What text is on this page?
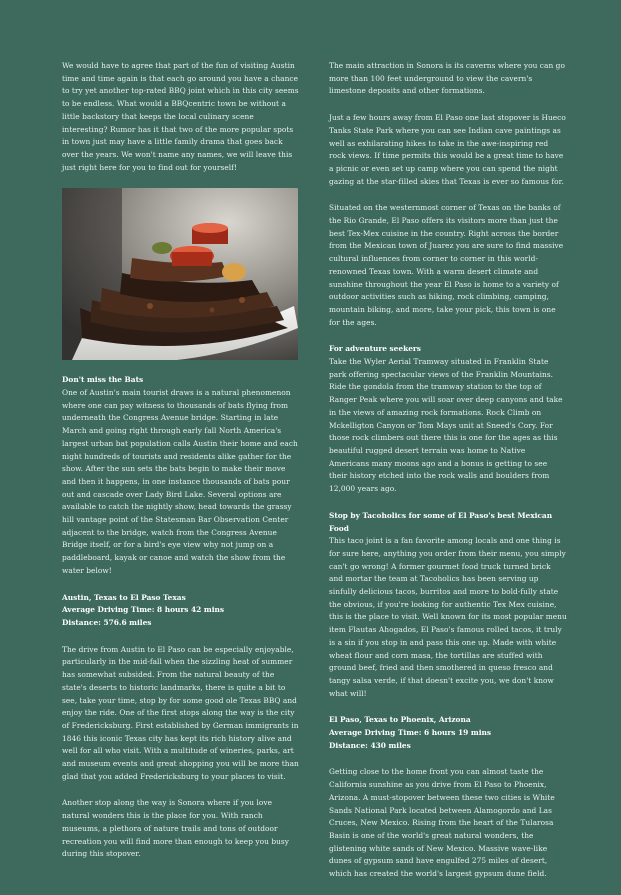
We would have to agree that part of the fun of visiting Austin time and time again is that each go around you have a chance to try yet another top-rated BBQ joint which in this city seems to be endless. What would a BBQcentric town be without a little backstory that keeps the local culinary scene interesting? Rumor has it that two of the more popular spots in town just may have a little family drama that goes back over the years. We won't name any names, we will leave this just right here for you to find out for yourself!

Don't miss the Bats

One of Austin's main tourist draws is a natural phenomenon where one can pay witness to thousands of bats flying from underneath the Congress Avenue bridge. Starting in late March and going right through early fall North America's largest urban bat population calls Austin their home and each night hundreds of tourists and residents alike gather for the show. After the sun sets the bats begin to make their move and then it happens, in one instance thousands of bats pour out and cascade over Lady Bird Lake. Several options are available to catch the nightly show, head towards the grassy hill vantage point of the Statesman Bar Observation Center adjacent to the bridge, watch from the Congress Avenue Bridge itself, or for a bird's eye view why not jump on a paddleboard, kayak or canoe and watch the show from the water below!

Austin, Texas to El Paso Texas
Average Driving Time: 8 hours 42 mins
Distance: 576.6 miles

The drive from Austin to El Paso can be especially enjoyable, particularly in the mid-fall when the sizzling heat of summer has somewhat subsided. From the natural beauty of the state's deserts to historic landmarks, there is quite a bit to see, take your time, stop by for some good ole Texas BBQ and enjoy the ride. One of the first stops along the way is the city of Fredericksburg. First established by German immigrants in 1846 this iconic Texas city has kept its rich history alive and well for all who visit. With a multitude of wineries, parks, art and museum events and great shopping you will be more than glad that you added Fredericksburg to your places to visit.

Another stop along the way is Sonora where if you love natural wonders this is the place for you. With ranch museums, a plethora of nature trails and tons of outdoor recreation you will find more than enough to keep you busy during this stopover.

The main attraction in Sonora is its caverns where you can go more than 100 feet underground to view the cavern's limestone deposits and other formations.

Just a few hours away from El Paso one last stopover is Hueco Tanks State Park where you can see Indian cave paintings as well as exhilarating hikes to take in the awe-inspiring red rock views. If time permits this would be a great time to have a picnic or even set up camp where you can spend the night gazing at the star-filled skies that Texas is ever so famous for.

Situated on the westernmost corner of Texas on the banks of the Rio Grande, El Paso offers its visitors more than just the best Tex-Mex cuisine in the country. Right across the border from the Mexican town of Juarez you are sure to find massive cultural influences from corner to corner in this world-renowned Texas town. With a warm desert climate and sunshine throughout the year El Paso is home to a variety of outdoor activities such as hiking, rock climbing, camping, mountain biking, and more, take your pick, this town is one for the ages.

For adventure seekers

Take the Wyler Aerial Tramway situated in Franklin State park offering spectacular views of the Franklin Mountains. Ride the gondola from the tramway station to the top of Ranger Peak where you will soar over deep canyons and take in the views of amazing rock formations. Rock Climb on Mckelligton Canyon or Tom Mays unit at Sneed's Cory. For those rock climbers out there this is one for the ages as this beautiful rugged desert terrain was home to Native Americans many moons ago and a bonus is getting to see their history etched into the rock walls and boulders from 12,000 years ago.

Stop by Tacoholics for some of El Paso's best Mexican Food

This taco joint is a fan favorite among locals and one thing is for sure here, anything you order from their menu, you simply can't go wrong! A former gourmet food truck turned brick and mortar the team at Tacoholics has been serving up sinfully delicious tacos, burritos and more to bold-fully state the obvious, if you're looking for authentic Tex Mex cuisine, this is the place to visit. Well known for its most popular menu item Flautas Ahogados, El Paso's famous rolled tacos, it truly is a sin if you stop in and pass this one up. Made with white wheat flour and corn masa, the tortillas are stuffed with ground beef, fried and then smothered in queso fresco and tangy salsa verde, if that doesn't excite you, we don't know what will!

El Paso, Texas to Phoenix, Arizona
Average Driving Time: 6 hours 19 mins
Distance: 430 miles

Getting close to the home front you can almost taste the California sunshine as you drive from El Paso to Phoenix, Arizona. A must-stopover between these two cities is White Sands National Park located between Alamogordo and Las Cruces, New Mexico. Rising from the heart of the Tularosa Basin is one of the world's great natural wonders, the glistening white sands of New Mexico. Massive wave-like dunes of gypsum sand have engulfed 275 miles of desert, which has created the world's largest gypsum dune field.
